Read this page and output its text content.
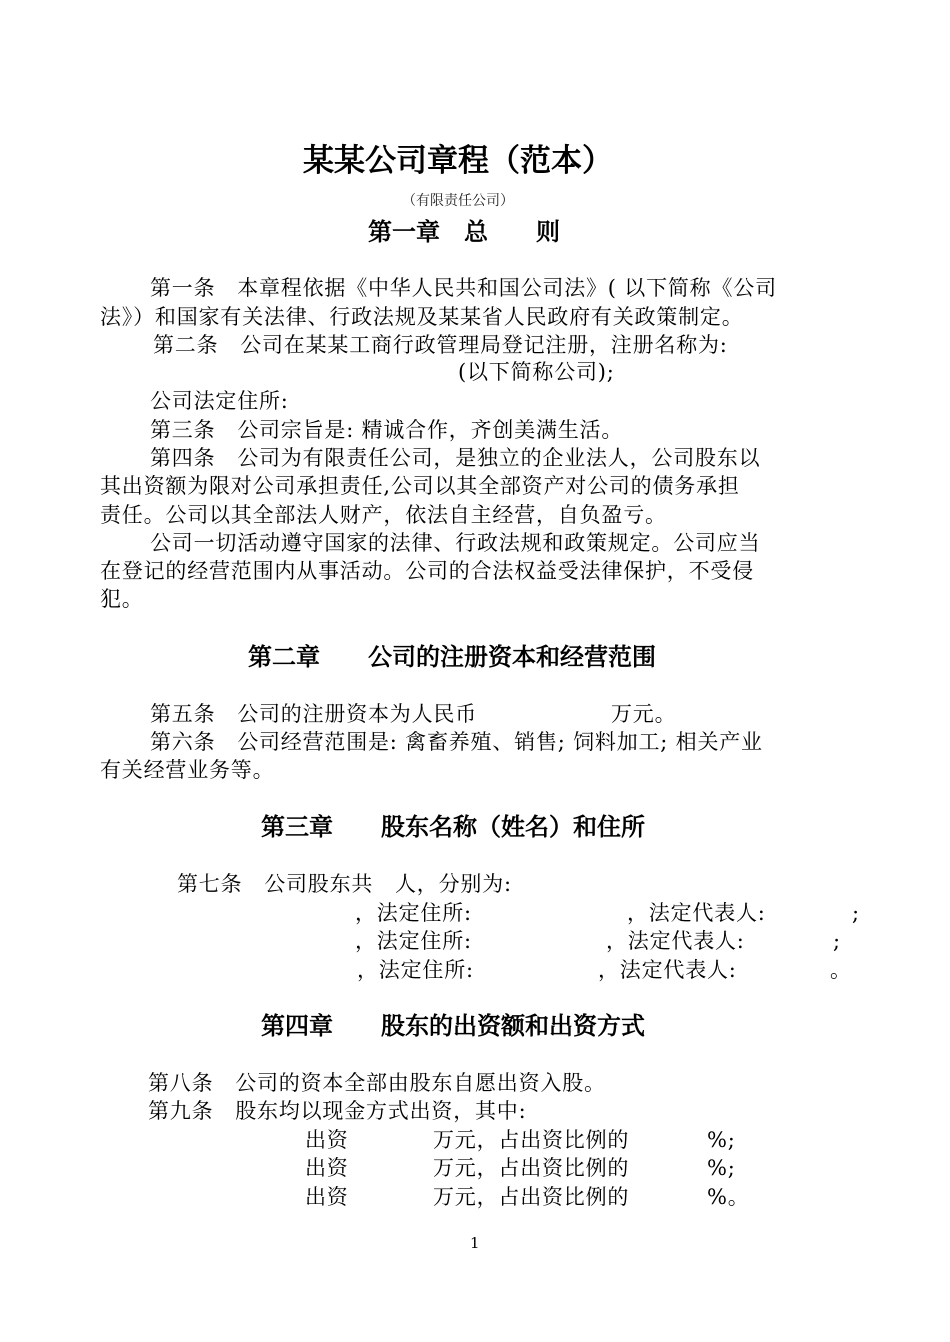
某某公司章程（范本）
（有限责任公司）
第一章　总　　则
第一条　本章程依据《中华人民共和国公司法》( 以下简称《公司
法》）和国家有关法律、行政法规及某某省人民政府有关政策制定。
第二条　公司在某某工商行政管理局登记注册，注册名称为:
(以下简称公司);
公司法定住所:
第三条　公司宗旨是: 精诚合作，齐创美满生活。
第四条　公司为有限责任公司，是独立的企业法人，公司股东以
其出资额为限对公司承担责任,公司以其全部资产对公司的债务承担
责任。公司以其全部法人财产，依法自主经营，自负盈亏。
公司一切活动遵守国家的法律、行政法规和政策规定。公司应当
在登记的经营范围内从事活动。公司的合法权益受法律保护，不受侵
犯。
第二章　　公司的注册资本和经营范围
第五条　公司的注册资本为人民币	万元。
第六条　公司经营范围是: 禽畜养殖、销售; 饲料加工; 相关产业
有关经营业务等。
第三章　　股东名称（姓名）和住所
第七条　公司股东共　人，分别为:
，法定住所:	，法定代表人:	;
，法定住所:	，法定代表人:	;
，法定住所:	，法定代表人:	。
第四章　　股东的出资额和出资方式
第八条　公司的资本全部由股东自愿出资入股。
第九条　股东均以现金方式出资，其中:
出资	万元，占出资比例的	%;
出资	万元，占出资比例的	%;
出资	万元，占出资比例的	%。
1
